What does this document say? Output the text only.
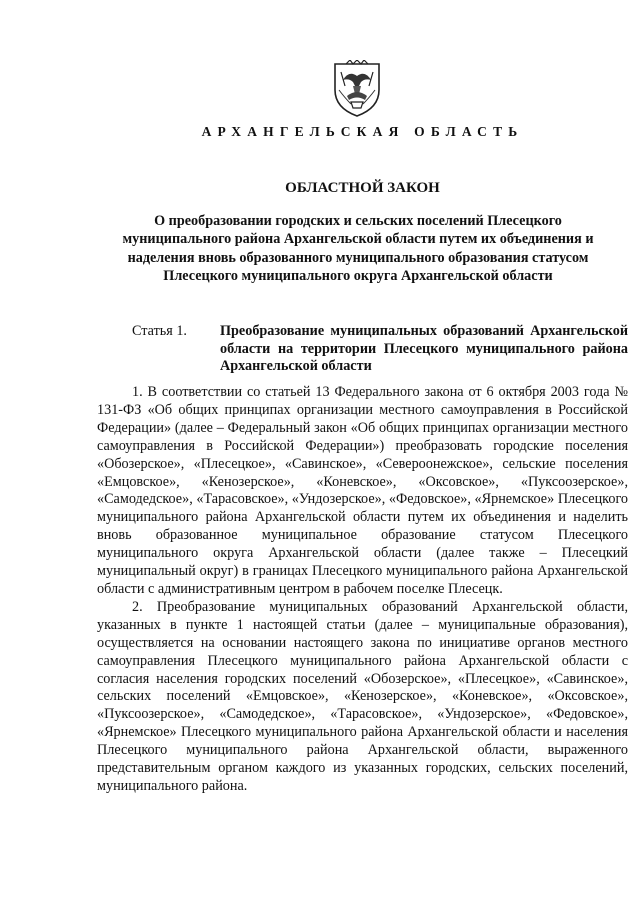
АРХАНГЕЛЬСКАЯ ОБЛАСТЬ
ОБЛАСТНОЙ ЗАКОН
О преобразовании городских и сельских поселений Плесецкого муниципального района Архангельской области путем их объединения и наделения вновь образованного муниципального образования статусом Плесецкого муниципального округа Архангельской области
Статья 1. Преобразование муниципальных образований Архангельской области на территории Плесецкого муниципального района Архангельской области

1. В соответствии со статьей 13 Федерального закона от 6 октября 2003 года № 131-ФЗ «Об общих принципах организации местного самоуправления в Российской Федерации» (далее – Федеральный закон «Об общих принципах организации местного самоуправления в Российской Федерации») преобразовать городские поселения «Обозерское», «Плесецкое», «Савинское», «Североонежское», сельские поселения «Емцовское», «Кенозерское», «Коневское», «Оксовское», «Пуксоозерское», «Самодедское», «Тарасовское», «Ундозерское», «Федовское», «Ярнемское» Плесецкого муниципального района Архангельской области путем их объединения и наделить вновь образованное муниципальное образование статусом Плесецкого муниципального округа Архангельской области (далее также – Плесецкий муниципальный округ) в границах Плесецкого муниципального района Архангельской области с административным центром в рабочем поселке Плесецк.

2. Преобразование муниципальных образований Архангельской области, указанных в пункте 1 настоящей статьи (далее – муниципальные образования), осуществляется на основании настоящего закона по инициативе органов местного самоуправления Плесецкого муниципального района Архангельской области с согласия населения городских поселений «Обозерское», «Плесецкое», «Савинское», сельских поселений «Емцовское», «Кенозерское», «Коневское», «Оксовское», «Пуксоозерское», «Самодедское», «Тарасовское», «Ундозерское», «Федовское», «Ярнемское» Плесецкого муниципального района Архангельской области и населения Плесецкого муниципального района Архангельской области, выраженного представительным органом каждого из указанных городских, сельских поселений, муниципального района.
